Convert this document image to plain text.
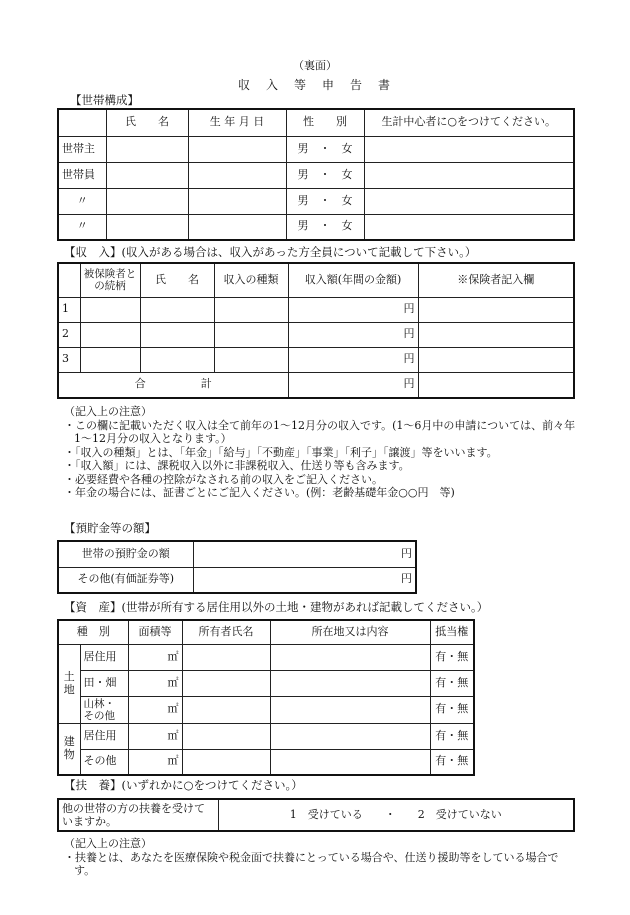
（裏面）
収　入　等　申　告　書
【世帯構成】
	氏　　名	生 年 月 日	性　　別	生計中心者に○をつけてください。
世帯主			男　・　女	
世帯員			男　・　女	
〃			男　・　女	
〃			男　・　女	
【収　入】(収入がある場合は、収入があった方全員について記載して下さい。）
	被保険者との続柄	氏　　名	収入の種類	収入額(年間の金額)	※保険者記入欄
1				円	
2				円	
3				円	
合　　　　　計				円	
（記入上の注意）
・この欄に記載いただく収入は全て前年の1～12月分の収入です。(1～6月中の申請については、前々年1～12月分の収入となります。）
・「収入の種類」とは、「年金」「給与」「不動産」「事業」「利子」「譲渡」等をいいます。
・「収入額」には、課税収入以外に非課税収入、仕送り等も含みます。
・必要経費や各種の控除がなされる前の収入をご記入ください。
・年金の場合には、証書ごとにご記入ください。(例：老齢基礎年金○○円　等)
【預貯金等の額】
世帯の預貯金の額	円
その他(有価証券等)	円
【資　産】(世帯が所有する居住用以外の土地・建物があれば記載してください。）
種　別		面積等	所有者氏名	所在地又は内容	抵当権
土地	居住用	㎡			有・無
	田・畑	㎡			有・無
	山林・その他	㎡			有・無
建物	居住用	㎡			有・無
	その他	㎡			有・無
【扶　養】(いずれかに○をつけてください。）
他の世帯の方の扶養を受けていますか。	1　受けている　　・　　2　受けていない
（記入上の注意）
・扶養とは、あなたを医療保険や税金面で扶養にとっている場合や、仕送り援助等をしている場合です。
